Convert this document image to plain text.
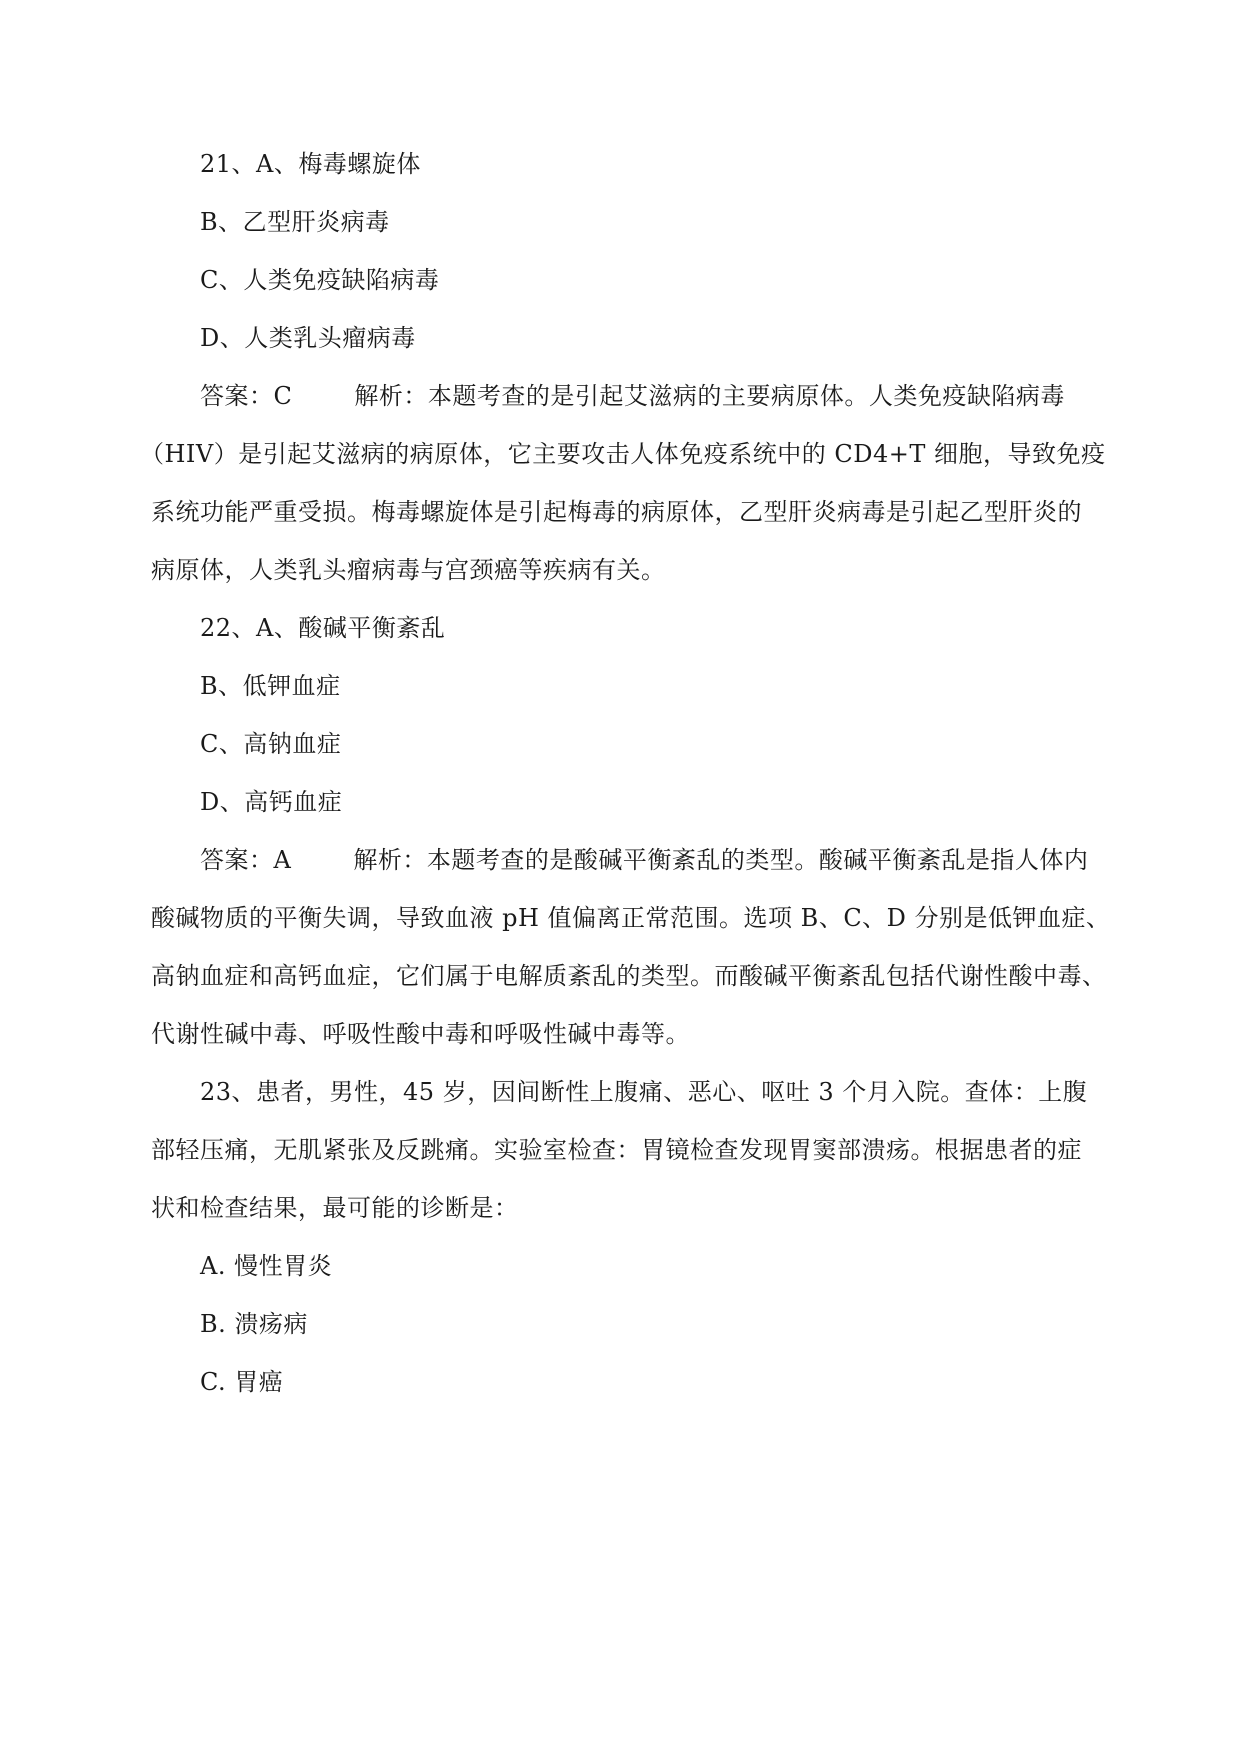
21、A、梅毒螺旋体
B、乙型肝炎病毒
C、人类免疫缺陷病毒
D、人类乳头瘤病毒
答案：C	解析：本题考查的是引起艾滋病的主要病原体。人类免疫缺陷病毒
（HIV）是引起艾滋病的病原体，它主要攻击人体免疫系统中的 CD4+T 细胞，导致免疫
系统功能严重受损。梅毒螺旋体是引起梅毒的病原体，乙型肝炎病毒是引起乙型肝炎的
病原体，人类乳头瘤病毒与宫颈癌等疾病有关。
22、A、酸碱平衡紊乱
B、低钾血症
C、高钠血症
D、高钙血症
答案：A	解析：本题考查的是酸碱平衡紊乱的类型。酸碱平衡紊乱是指人体内
酸碱物质的平衡失调，导致血液 pH 值偏离正常范围。选项 B、C、D 分别是低钾血症、
高钠血症和高钙血症，它们属于电解质紊乱的类型。而酸碱平衡紊乱包括代谢性酸中毒、
代谢性碱中毒、呼吸性酸中毒和呼吸性碱中毒等。
23、患者，男性，45 岁，因间断性上腹痛、恶心、呕吐 3 个月入院。查体：上腹
部轻压痛，无肌紧张及反跳痛。实验室检查：胃镜检查发现胃窦部溃疡。根据患者的症
状和检查结果，最可能的诊断是：
A. 慢性胃炎
B. 溃疡病
C. 胃癌
